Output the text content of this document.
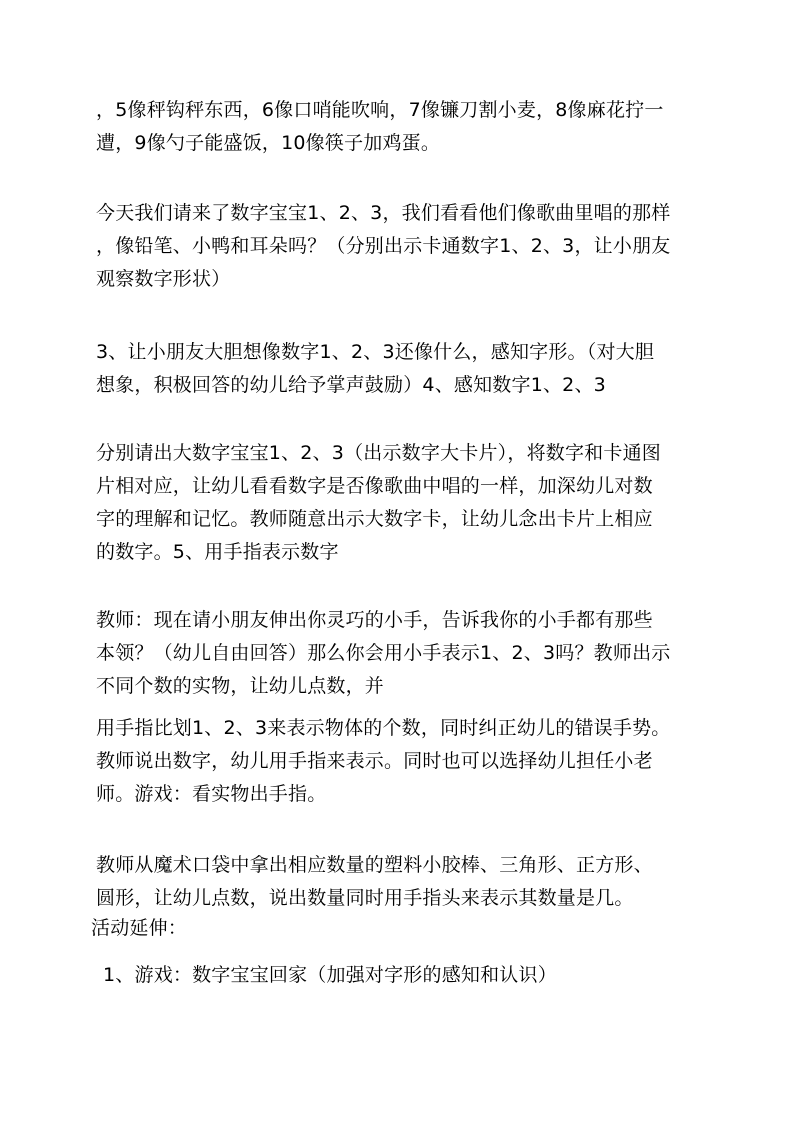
，5像秤钩秤东西，6像口哨能吹响，7像镰刀割小麦，8像麻花拧一
遭，9像勺子能盛饭，10像筷子加鸡蛋。
今天我们请来了数字宝宝1、2、3，我们看看他们像歌曲里唱的那样
，像铅笔、小鸭和耳朵吗？（分别出示卡通数字1、2、3，让小朋友
观察数字形状）
3、让小朋友大胆想像数字1、2、3还像什么，感知字形。（对大胆
想象，积极回答的幼儿给予掌声鼓励）4、感知数字1、2、3
分别请出大数字宝宝1、2、3（出示数字大卡片），将数字和卡通图
片相对应，让幼儿看看数字是否像歌曲中唱的一样，加深幼儿对数
字的理解和记忆。教师随意出示大数字卡，让幼儿念出卡片上相应
的数字。5、用手指表示数字
教师：现在请小朋友伸出你灵巧的小手，告诉我你的小手都有那些
本领？（幼儿自由回答）那么你会用小手表示1、2、3吗？教师出示
不同个数的实物，让幼儿点数，并
用手指比划1、2、3来表示物体的个数，同时纠正幼儿的错误手势。
教师说出数字，幼儿用手指来表示。同时也可以选择幼儿担任小老
师。游戏：看实物出手指。
教师从魔术口袋中拿出相应数量的塑料小胶棒、三角形、正方形、
圆形，让幼儿点数，说出数量同时用手指头来表示其数量是几。
活动延伸：
1、游戏：数字宝宝回家（加强对字形的感知和认识）
